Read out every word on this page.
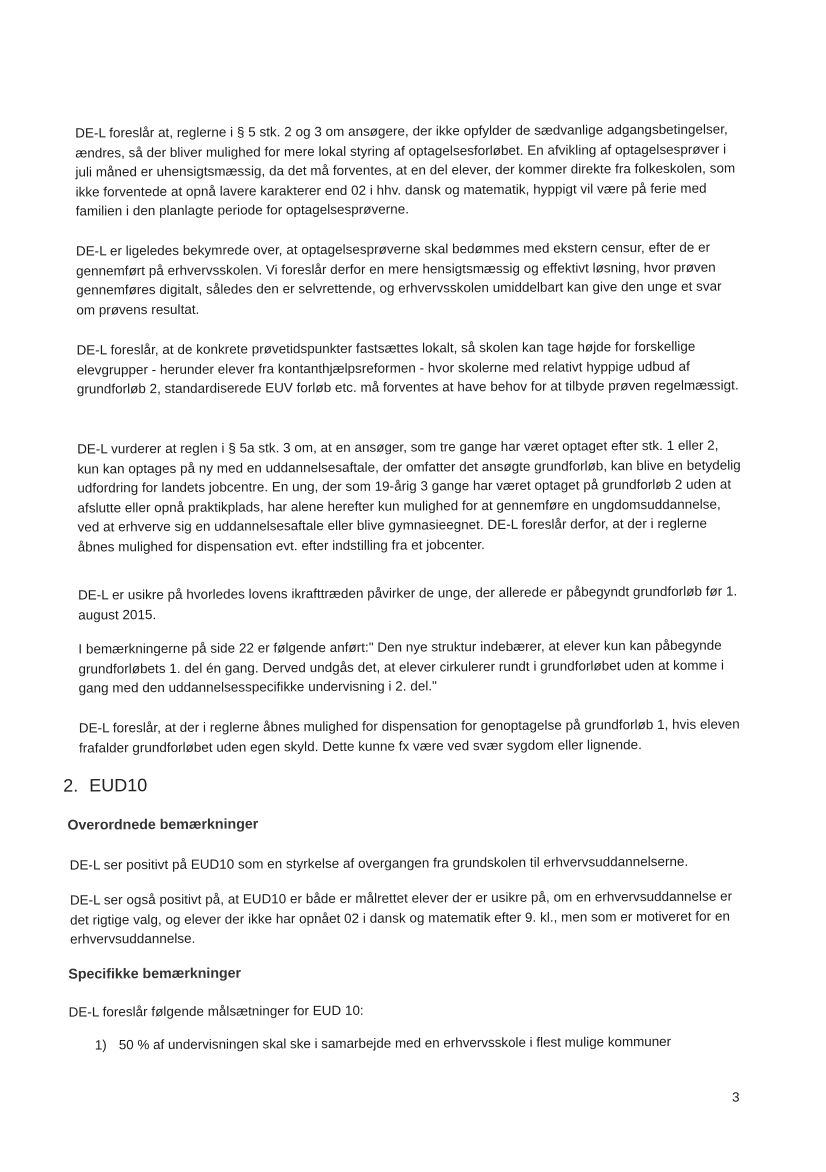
DE-L foreslår at, reglerne i § 5 stk. 2 og 3 om ansøgere, der ikke opfylder de sædvanlige adgangsbetingelser, ændres, så der bliver mulighed for mere lokal styring af optagelsesforløbet. En afvikling af optagelsesprøver i juli måned er uhensigtsmæssig, da det må forventes, at en del elever, der kommer direkte fra folkeskolen, som ikke forventede at opnå lavere karakterer end 02 i hhv. dansk og matematik, hyppigt vil være på ferie med familien i den planlagte periode for optagelsesprøverne.

DE-L er ligeledes bekymrede over, at optagelsesprøverne skal bedømmes med ekstern censur, efter de er gennemført på erhvervsskolen. Vi foreslår derfor en mere hensigtsmæssig og effektivt løsning, hvor prøven gennemføres digitalt, således den er selvrettende, og erhvervsskolen umiddelbart kan give den unge et svar om prøvens resultat.

DE-L foreslår, at de konkrete prøvetidspunkter fastsættes lokalt, så skolen kan tage højde for forskellige elevgrupper - herunder elever fra kontanthjælpsreformen - hvor skolerne med relativt hyppige udbud af grundforløb 2, standardiserede EUV forløb etc. må forventes at have behov for at tilbyde prøven regelmæssigt.

DE-L vurderer at reglen i § 5a stk. 3 om, at en ansøger, som tre gange har været optaget efter stk. 1 eller 2, kun kan optages på ny med en uddannelsesaftale, der omfatter det ansøgte grundforløb, kan blive en betydelig udfordring for landets jobcentre. En ung, der som 19-årig 3 gange har været optaget på grundforløb 2 uden at afslutte eller opnå praktikplads, har alene herefter kun mulighed for at gennemføre en ungdomsuddannelse, ved at erhverve sig en uddannelsesaftale eller blive gymnasieegnet. DE-L foreslår derfor, at der i reglerne åbnes mulighed for dispensation evt. efter indstilling fra et jobcenter.

DE-L er usikre på hvorledes lovens ikrafttræden påvirker de unge, der allerede er påbegyndt grundforløb før 1. august 2015.

I bemærkningerne på side 22 er følgende anført:" Den nye struktur indebærer, at elever kun kan påbegynde grundforløbets 1. del én gang. Derved undgås det, at elever cirkulerer rundt i grundforløbet uden at komme i gang med den uddannelsesspecifikke undervisning i 2. del."

DE-L foreslår, at der i reglerne åbnes mulighed for dispensation for genoptagelse på grundforløb 1, hvis eleven frafalder grundforløbet uden egen skyld. Dette kunne fx være ved svær sygdom eller lignende.

2. EUD10
Overordnede bemærkninger

DE-L ser positivt på EUD10 som en styrkelse af overgangen fra grundskolen til erhvervsuddannelserne.

DE-L ser også positivt på, at EUD10 er både er målrettet elever der er usikre på, om en erhvervsuddannelse er det rigtige valg, og elever der ikke har opnået 02 i dansk og matematik efter 9. kl., men som er motiveret for en erhvervsuddannelse.

Specifikke bemærkninger

DE-L foreslår følgende målsætninger for EUD 10:

1) 50 % af undervisningen skal ske i samarbejde med en erhvervsskole i flest mulige kommuner

3
